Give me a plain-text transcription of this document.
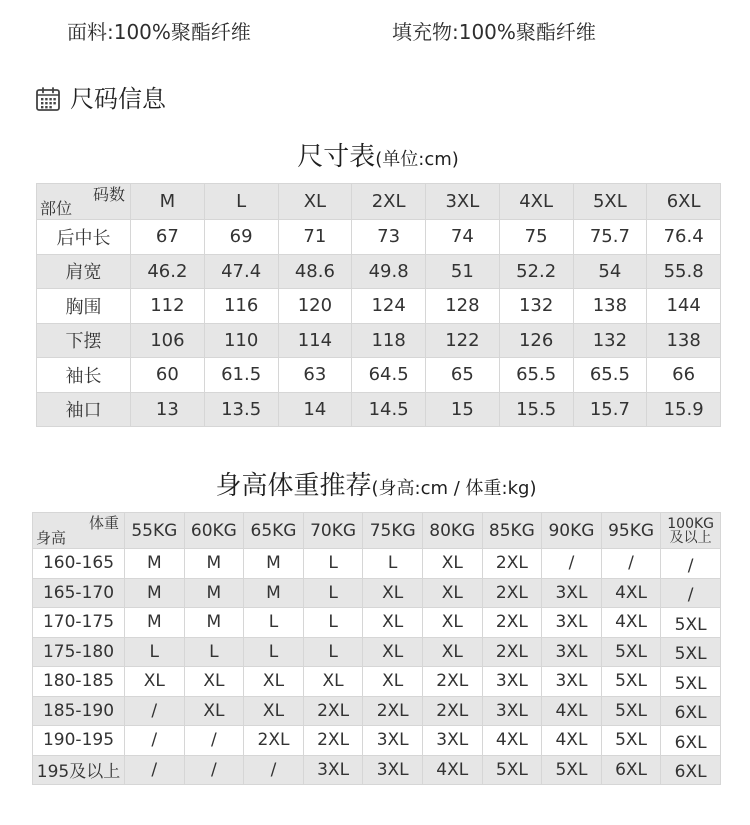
面料:100%聚酯纤维	填充物:100%聚酯纤维
尺码信息
尺寸表(单位:cm)
码数
部位	M	L	XL	2XL	3XL	4XL	5XL	6XL
后中长	67	69	71	73	74	75	75.7	76.4
肩宽	46.2	47.4	48.6	49.8	51	52.2	54	55.8
胸围	112	116	120	124	128	132	138	144
下摆	106	110	114	118	122	126	132	138
袖长	60	61.5	63	64.5	65	65.5	65.5	66
袖口	13	13.5	14	14.5	15	15.5	15.7	15.9
身高体重推荐(身高:cm / 体重:kg)
体重
身高	55KG	60KG	65KG	70KG	75KG	80KG	85KG	90KG	95KG	100KG
及以上
160-165	M	M	M	L	L	XL	2XL	/	/	/
165-170	M	M	M	L	XL	XL	2XL	3XL	4XL	/
170-175	M	M	L	L	XL	XL	2XL	3XL	4XL	5XL
175-180	L	L	L	L	XL	XL	2XL	3XL	5XL	5XL
180-185	XL	XL	XL	XL	XL	2XL	3XL	3XL	5XL	5XL
185-190	/	XL	XL	2XL	2XL	2XL	3XL	4XL	5XL	6XL
190-195	/	/	2XL	2XL	3XL	3XL	4XL	4XL	5XL	6XL
195及以上	/	/	/	3XL	3XL	4XL	5XL	5XL	6XL	6XL
